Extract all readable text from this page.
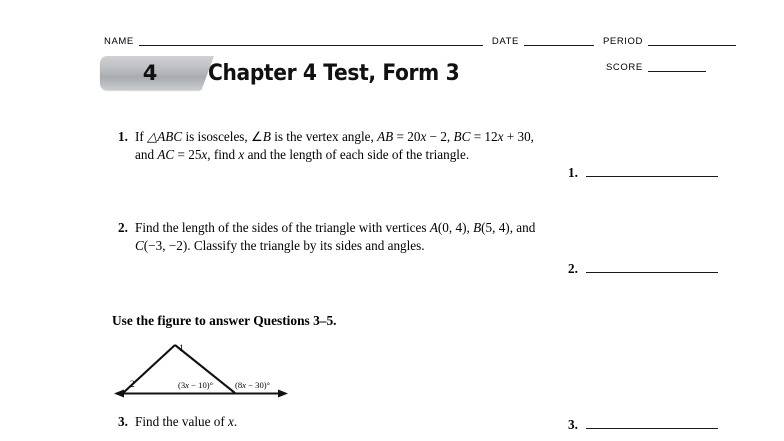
NAME	DATE	PERIOD
4	Chapter 4 Test, Form 3	SCORE
1. If △ABC is isosceles, ∠B is the vertex angle, AB = 20x − 2, BC = 12x + 30, and AC = 25x, find x and the length of each side of the triangle.
1.
2. Find the length of the sides of the triangle with vertices A(0, 4), B(5, 4), and C(−3, −2). Classify the triangle by its sides and angles.
2.
Use the figure to answer Questions 3–5.
1
2	(3x − 10)°	(8x − 30)°
3. Find the value of x.	3.
